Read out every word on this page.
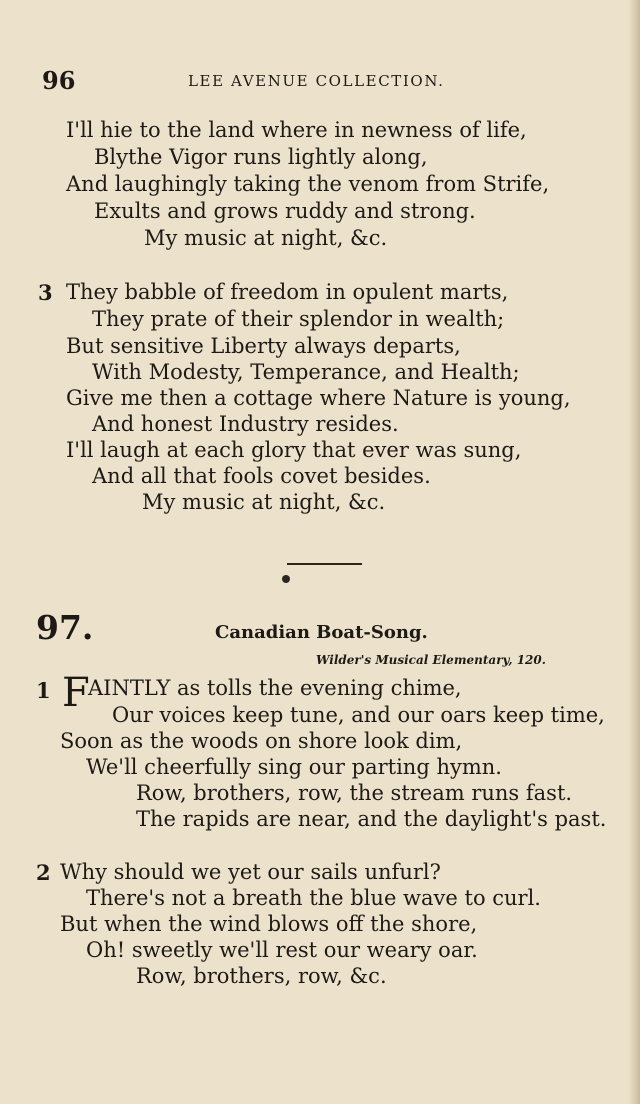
96	LEE AVENUE COLLECTION.
I'll hie to the land where in newness of life,
Blythe Vigor runs lightly along,
And laughingly taking the venom from Strife,
Exults and grows ruddy and strong.
My music at night, &c.
3 They babble of freedom in opulent marts,
They prate of their splendor in wealth;
But sensitive Liberty always departs,
With Modesty, Temperance, and Health;
Give me then a cottage where Nature is young,
And honest Industry resides.
I'll laugh at each glory that ever was sung,
And all that fools covet besides.
My music at night, &c.
97.	Canadian Boat-Song.
Wilder's Musical Elementary, 120.
1 F
AINTLY as tolls the evening chime,
Our voices keep tune, and our oars keep time,
Soon as the woods on shore look dim,
We'll cheerfully sing our parting hymn.
Row, brothers, row, the stream runs fast.
The rapids are near, and the daylight's past.
2 Why should we yet our sails unfurl?
There's not a breath the blue wave to curl.
But when the wind blows off the shore,
Oh! sweetly we'll rest our weary oar.
Row, brothers, row, &c.
